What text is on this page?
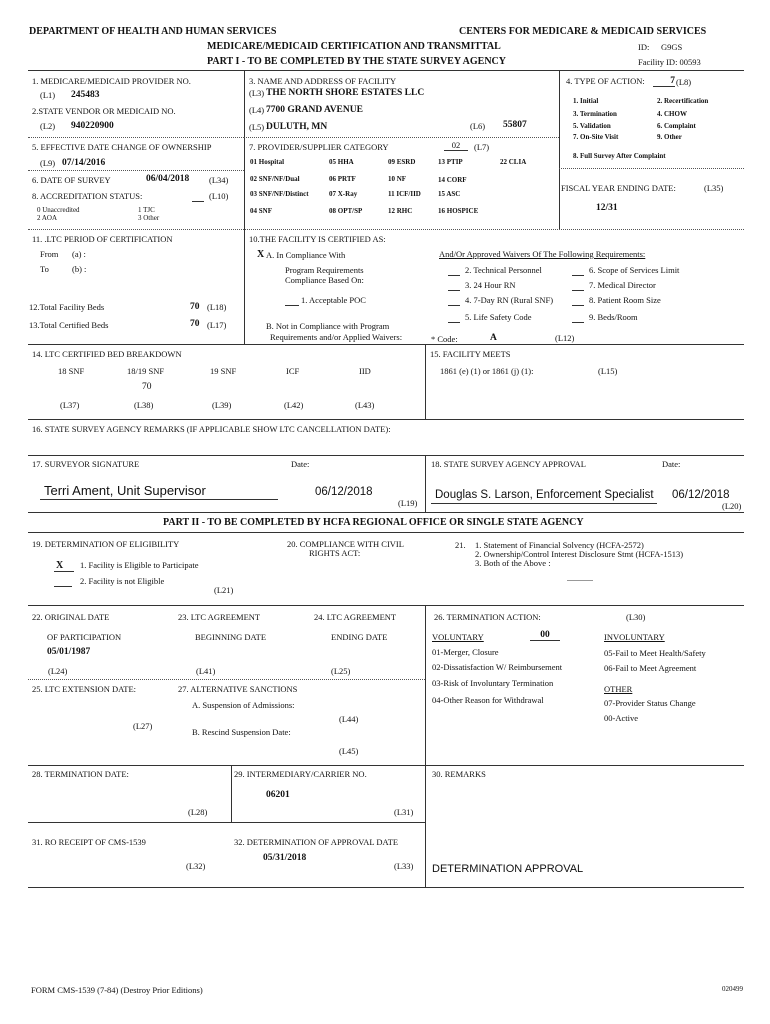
DEPARTMENT OF HEALTH AND HUMAN SERVICES	CENTERS FOR MEDICARE & MEDICAID SERVICES
MEDICARE/MEDICAID CERTIFICATION AND TRANSMITTAL	ID: G9GS
PART I - TO BE COMPLETED BY THE STATE SURVEY AGENCY	Facility ID: 00593
1. MEDICARE/MEDICAID PROVIDER NO.
(L1) 245483
2.STATE VENDOR OR MEDICAID NO.
(L2) 940220900
3. NAME AND ADDRESS OF FACILITY
(L3) THE NORTH SHORE ESTATES LLC
(L4) 7700 GRAND AVENUE
(L5) DULUTH, MN	(L6) 55807
4. TYPE OF ACTION:	7 (L8)
1. Initial	2. Recertification
3. Termination	4. CHOW
5. Validation	6. Complaint
7. On-Site Visit	9. Other
8. Full Survey After Complaint
5. EFFECTIVE DATE CHANGE OF OWNERSHIP
(L9) 07/14/2016
7. PROVIDER/SUPPLIER CATEGORY	02	(L7)
01 Hospital	05 HHA	09 ESRD	13 PTIP	22 CLIA
02 SNF/NF/Dual	06 PRTF	10 NF	14 CORF
03 SNF/NF/Distinct	07 X-Ray	11 ICF/IID 15 ASC
04 SNF	08 OPT/SP	12 RHC	16 HOSPICE
6. DATE OF SURVEY	06/04/2018 (L34)
8. ACCREDITATION STATUS:	(L10)
0 Unaccredited	1 TJC
2 AOA	3 Other
FISCAL YEAR ENDING DATE:	(L35)
12/31
11. .LTC PERIOD OF CERTIFICATION
From (a) :
To	(b) :
12.Total Facility Beds	70 (L18)
13.Total Certified Beds	70 (L17)
10.THE FACILITY IS CERTIFIED AS:
X A. In Compliance With
Program Requirements
Compliance Based On:
1. Acceptable POC
B. Not in Compliance with Program
Requirements and/or Applied Waivers:
And/Or Approved Waivers Of The Following Requirements:
2. Technical Personnel
3. 24 Hour RN
4. 7-Day RN (Rural SNF)
5. Life Safety Code
6. Scope of Services Limit
7. Medical Director
8. Patient Room Size
9. Beds/Room
* Code:	A	(L12)
14. LTC CERTIFIED BED BREAKDOWN
18 SNF	18/19 SNF	19 SNF	ICF	IID
70
(L37)	(L38)	(L39)	(L42)	(L43)
15. FACILITY MEETS
1861 (e) (1) or 1861 (j) (1):	(L15)
16. STATE SURVEY AGENCY REMARKS (IF APPLICABLE SHOW LTC CANCELLATION DATE):
17. SURVEYOR SIGNATURE	Date:
Terri Ament, Unit Supervisor	06/12/2018
(L19)
18. STATE SURVEY AGENCY APPROVAL	Date:
Douglas S. Larson, Enforcement Specialist 06/12/2018
(L20)
PART II - TO BE COMPLETED BY HCFA REGIONAL OFFICE OR SINGLE STATE AGENCY
19. DETERMINATION OF ELIGIBILITY
X 1. Facility is Eligible to Participate
2. Facility is not Eligible
(L21)
20. COMPLIANCE WITH CIVIL
RIGHTS ACT:
21. 1. Statement of Financial Solvency (HCFA-2572)
2. Ownership/Control Interest Disclosure Stmt (HCFA-1513)
3. Both of the Above :
22. ORIGINAL DATE
OF PARTICIPATION
05/01/1987
(L24)
23. LTC AGREEMENT
BEGINNING DATE
(L41)
24. LTC AGREEMENT
ENDING DATE
(L25)
25. LTC EXTENSION DATE:
(L27)
27. ALTERNATIVE SANCTIONS
A. Suspension of Admissions:
(L44)
B. Rescind Suspension Date:
(L45)
26. TERMINATION ACTION:	(L30)
VOLUNTARY	00	INVOLUNTARY
01-Merger, Closure
02-Dissatisfaction W/ Reimbursement
03-Risk of Involuntary Termination
04-Other Reason for Withdrawal
05-Fail to Meet Health/Safety
06-Fail to Meet Agreement
OTHER
07-Provider Status Change
00-Active
28. TERMINATION DATE:
(L28)
29. INTERMEDIARY/CARRIER NO.
06201
(L31)
30. REMARKS
DETERMINATION APPROVAL
31. RO RECEIPT OF CMS-1539
(L32)
32. DETERMINATION OF APPROVAL DATE
05/31/2018
(L33)
FORM CMS-1539 (7-84) (Destroy Prior Editions)	020499
